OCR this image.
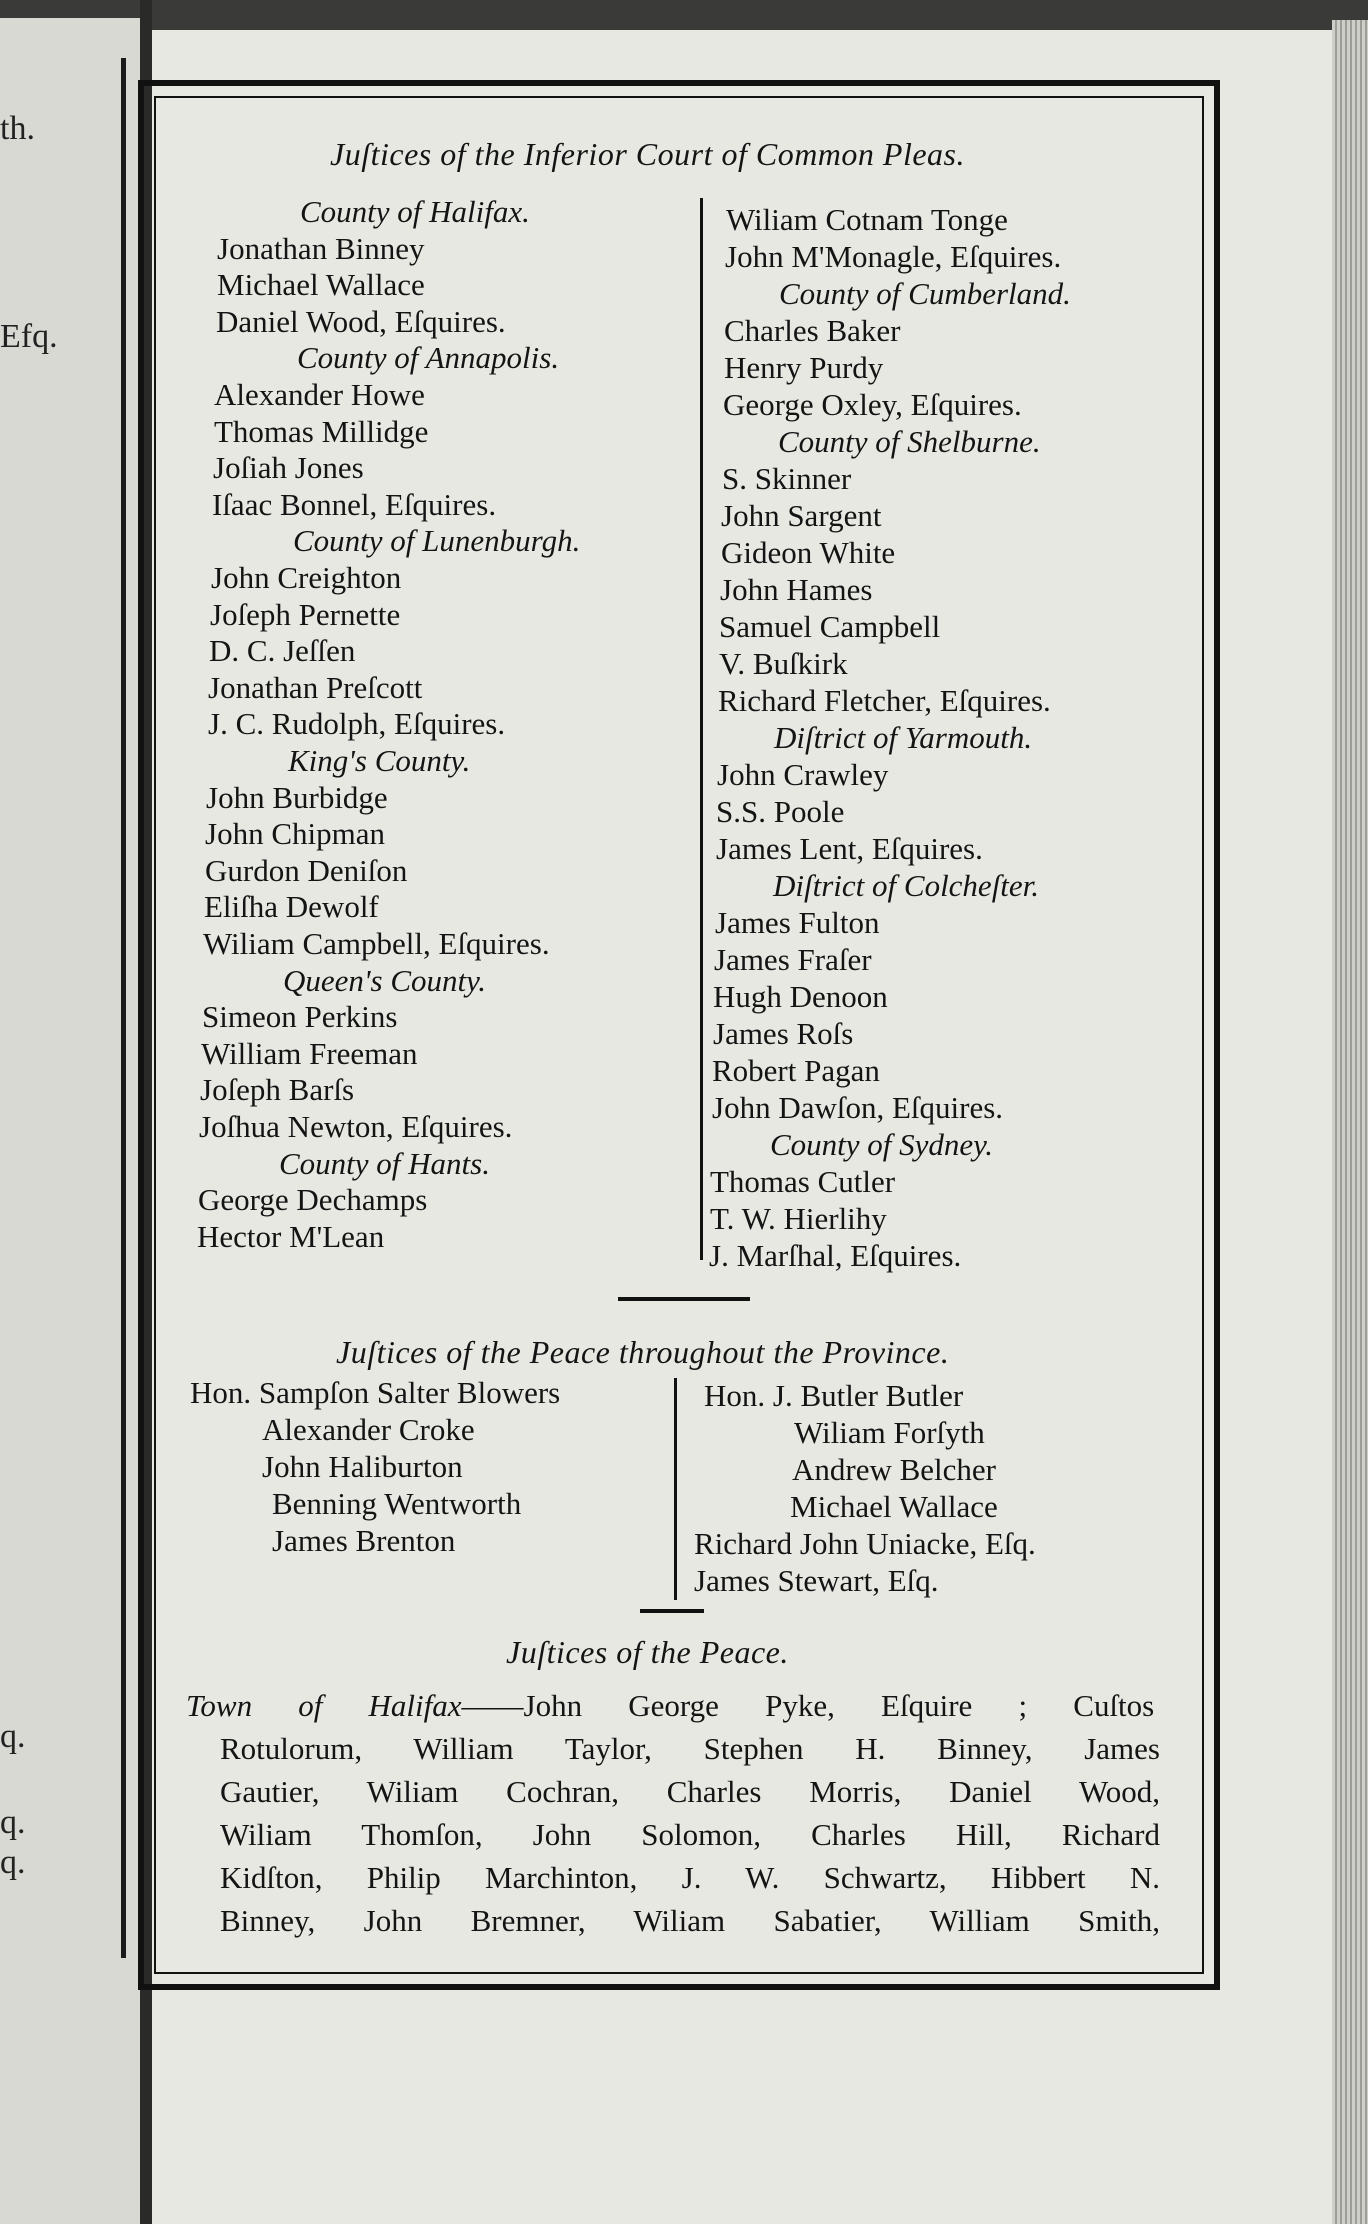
th.
Efq.
q.
q.
q.
Juſtices of the Inferior Court of Common Pleas.
County of Halifax.
Jonathan Binney
Michael Wallace
Daniel Wood, Eſquires.
County of Annapolis.
Alexander Howe
Thomas Millidge
Joſiah Jones
Iſaac Bonnel, Eſquires.
County of Lunenburgh.
John Creighton
Joſeph Pernette
D. C. Jeſſen
Jonathan Preſcott
J. C. Rudolph, Eſquires.
King's County.
John Burbidge
John Chipman
Gurdon Deniſon
Eliſha Dewolf
Wiliam Campbell, Eſquires.
Queen's County.
Simeon Perkins
William Freeman
Joſeph Barſs
Joſhua Newton, Eſquires.
County of Hants.
George Dechamps
Hector M'Lean
Wiliam Cotnam Tonge
John M'Monagle, Eſquires.
County of Cumberland.
Charles Baker
Henry Purdy
George Oxley, Eſquires.
County of Shelburne.
S. Skinner
John Sargent
Gideon White
John Hames
Samuel Campbell
V. Buſkirk
Richard Fletcher, Eſquires.
Diſtrict of Yarmouth.
John Crawley
S.S. Poole
James Lent, Eſquires.
Diſtrict of Colcheſter.
James Fulton
James Fraſer
Hugh Denoon
James Roſs
Robert Pagan
John Dawſon, Eſquires.
County of Sydney.
Thomas Cutler
T. W. Hierlihy
J. Marſhal, Eſquires.
Juſtices of the Peace throughout the Province.
Hon. Sampſon Salter Blowers
Alexander Croke
John Haliburton
Benning Wentworth
James Brenton
Hon. J. Butler Butler
Wiliam Forſyth
Andrew Belcher
Michael Wallace
Richard John Uniacke, Eſq.
James Stewart, Eſq.
Juſtices of the Peace.
Town of Halifax——John George Pyke, Eſquire ; Cuſtos
Rotulorum, William Taylor, Stephen H. Binney, James
Gautier, Wiliam Cochran, Charles Morris, Daniel Wood,
Wiliam Thomſon, John Solomon, Charles Hill, Richard
Kidſton, Philip Marchinton, J. W. Schwartz, Hibbert N.
Binney, John Bremner, Wiliam Sabatier, William Smith,
